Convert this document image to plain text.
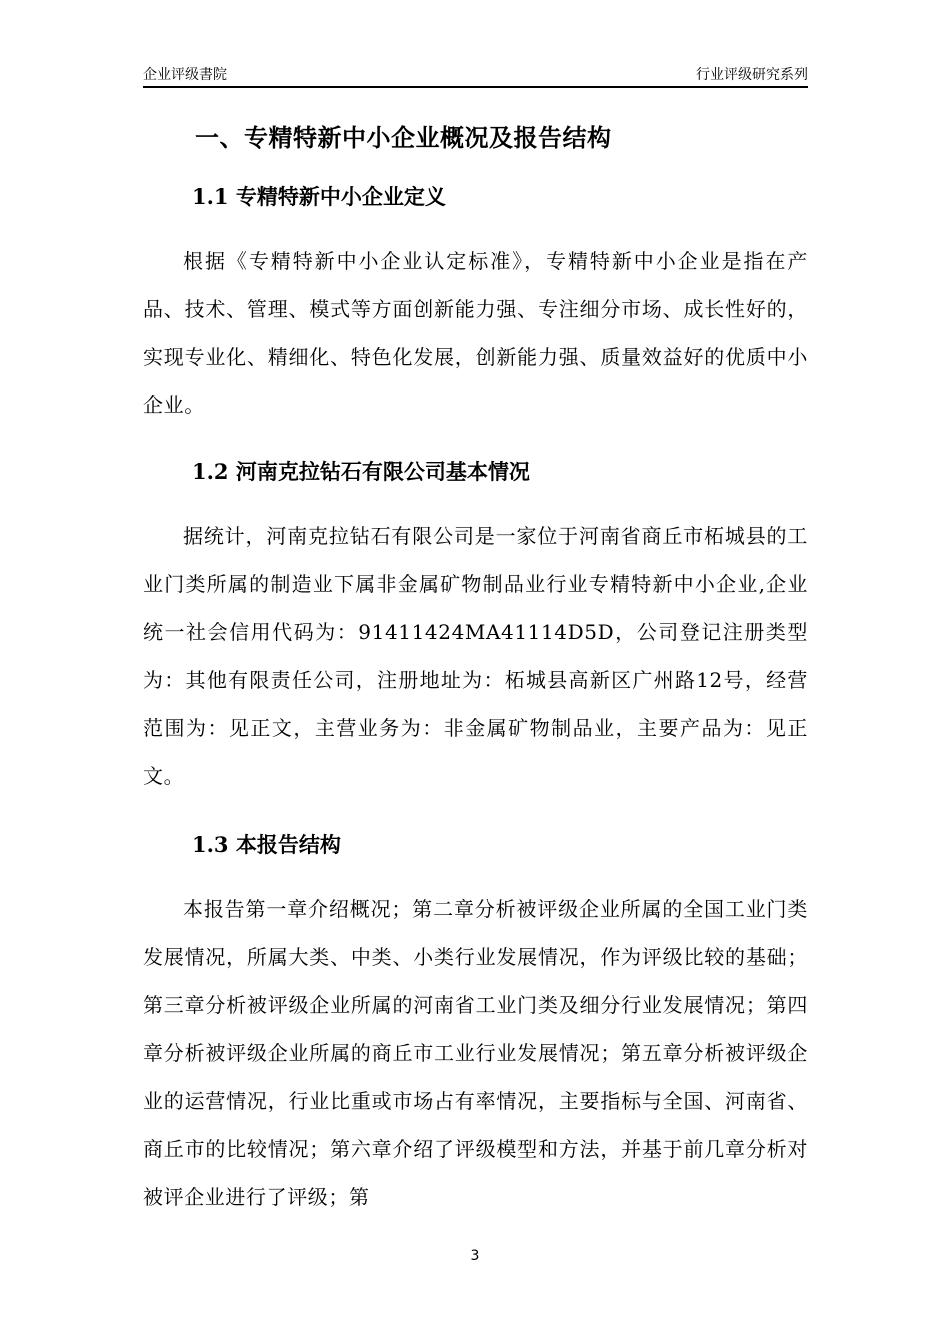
企业评级書院	行业评级研究系列
一、专精特新中小企业概况及报告结构
1.1 专精特新中小企业定义
根据《专精特新中小企业认定标准》，专精特新中小企业是指在产品、技术、管理、模式等方面创新能力强、专注细分市场、成长性好的，实现专业化、精细化、特色化发展，创新能力强、质量效益好的优质中小企业。
1.2 河南克拉钻石有限公司基本情况
据统计，河南克拉钻石有限公司是一家位于河南省商丘市柘城县的工业门类所属的制造业下属非金属矿物制品业行业专精特新中小企业,企业统一社会信用代码为：91411424MA41114D5D，公司登记注册类型为：其他有限责任公司，注册地址为：柘城县高新区广州路12号，经营范围为：见正文，主营业务为：非金属矿物制品业，主要产品为：见正文。
1.3 本报告结构
本报告第一章介绍概况；第二章分析被评级企业所属的全国工业门类发展情况，所属大类、中类、小类行业发展情况，作为评级比较的基础；第三章分析被评级企业所属的河南省工业门类及细分行业发展情况；第四章分析被评级企业所属的商丘市工业行业发展情况；第五章分析被评级企业的运营情况，行业比重或市场占有率情况，主要指标与全国、河南省、商丘市的比较情况；第六章介绍了评级模型和方法，并基于前几章分析对被评企业进行了评级；第
3
